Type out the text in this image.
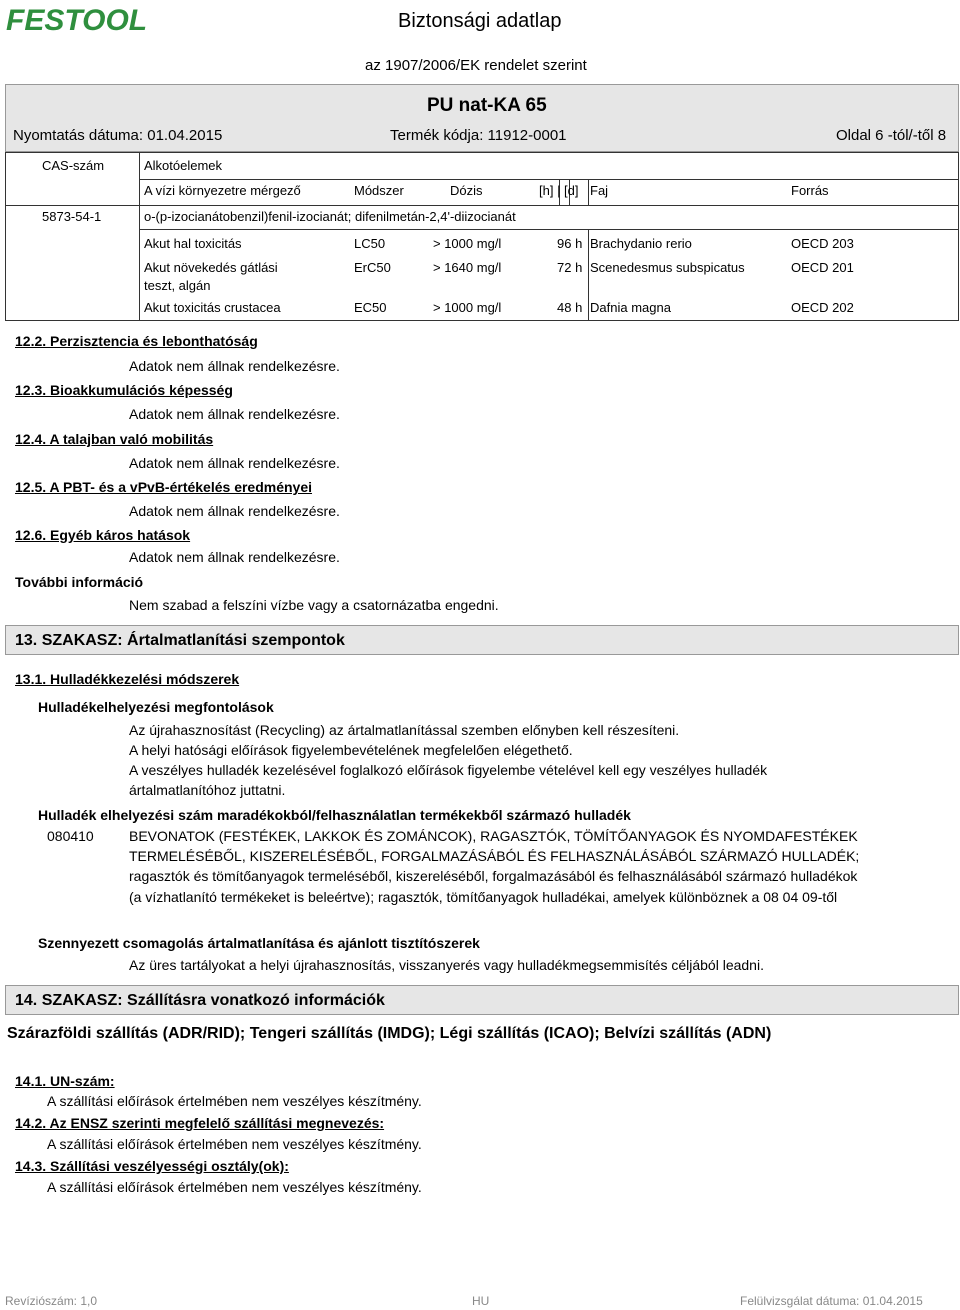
FESTOOL	Biztonsági adatlap
az 1907/2006/EK rendelet szerint
PU nat-KA 65
Nyomtatás dátuma: 01.04.2015	Termék kódja: 11912-0001	Oldal 6 -tól/-től 8
CAS-szám	Alkotóelemek
A vízi környezetre mérgező	Módszer	Dózis	[h] | [d] Faj	Forrás
5873-54-1	o-(p-izocianátobenzil)fenil-izocianát; difenilmetán-2,4'-diizocianát
Akut hal toxicitás	LC50	> 1000 mg/l	96 h Brachydanio rerio	OECD 203
Akut növekedés gátlási
teszt, algán
ErC50	> 1640 mg/l	72 h Scenedesmus subspicatus	OECD 201
Akut toxicitás crustacea	EC50	> 1000 mg/l	48 h Dafnia magna	OECD 202
12.2. Perzisztencia és lebonthatóság
Adatok nem állnak rendelkezésre.
12.3. Bioakkumulációs képesség
Adatok nem állnak rendelkezésre.
12.4. A talajban való mobilitás
Adatok nem állnak rendelkezésre.
12.5. A PBT- és a vPvB-értékelés eredményei
Adatok nem állnak rendelkezésre.
12.6. Egyéb káros hatások
Adatok nem állnak rendelkezésre.
További információ
Nem szabad a felszíni vízbe vagy a csatornázatba engedni.
13. SZAKASZ: Ártalmatlanítási szempontok
13.1. Hulladékkezelési módszerek
Hulladékelhelyezési megfontolások
Az újrahasznosítást (Recycling) az ártalmatlanítással szemben előnyben kell részesíteni.
A helyi hatósági előírások figyelembevételének megfelelően elégethető.
A veszélyes hulladék kezelésével foglalkozó előírások figyelembe vételével kell egy veszélyes hulladék
ártalmatlanítóhoz juttatni.
Hulladék elhelyezési szám maradékokból/felhasználatlan termékekből származó hulladék
080410	BEVONATOK (FESTÉKEK, LAKKOK ÉS ZOMÁNCOK), RAGASZTÓK, TÖMÍTŐANYAGOK ÉS NYOMDAFESTÉKEK TERMELÉSÉBŐL, KISZERELÉSÉBŐL, FORGALMAZÁSÁBÓL ÉS FELHASZNÁLÁSÁBÓL SZÁRMAZÓ HULLADÉK; ragasztók és tömítőanyagok termeléséből, kiszereléséből, forgalmazásából és felhasználásából származó hulladékok (a vízhatlanító termékeket is beleértve); ragasztók, tömítőanyagok hulladékai, amelyek különböznek a 08 04 09-től
Szennyezett csomagolás ártalmatlanítása és ajánlott tisztítószerek
Az üres tartályokat a helyi újrahasznosítás, visszanyerés vagy hulladékmegsemmisítés céljából leadni.
14. SZAKASZ: Szállításra vonatkozó információk
Szárazföldi szállítás (ADR/RID); Tengeri szállítás (IMDG); Légi szállítás (ICAO); Belvízi szállítás (ADN)
14.1. UN-szám:
A szállítási előírások értelmében nem veszélyes készítmény.
14.2. Az ENSZ szerinti megfelelő szállítási megnevezés:
A szállítási előírások értelmében nem veszélyes készítmény.
14.3. Szállítási veszélyességi osztály(ok):
A szállítási előírások értelmében nem veszélyes készítmény.
Revíziószám: 1,0	HU	Felülvizsgálat dátuma: 01.04.2015
